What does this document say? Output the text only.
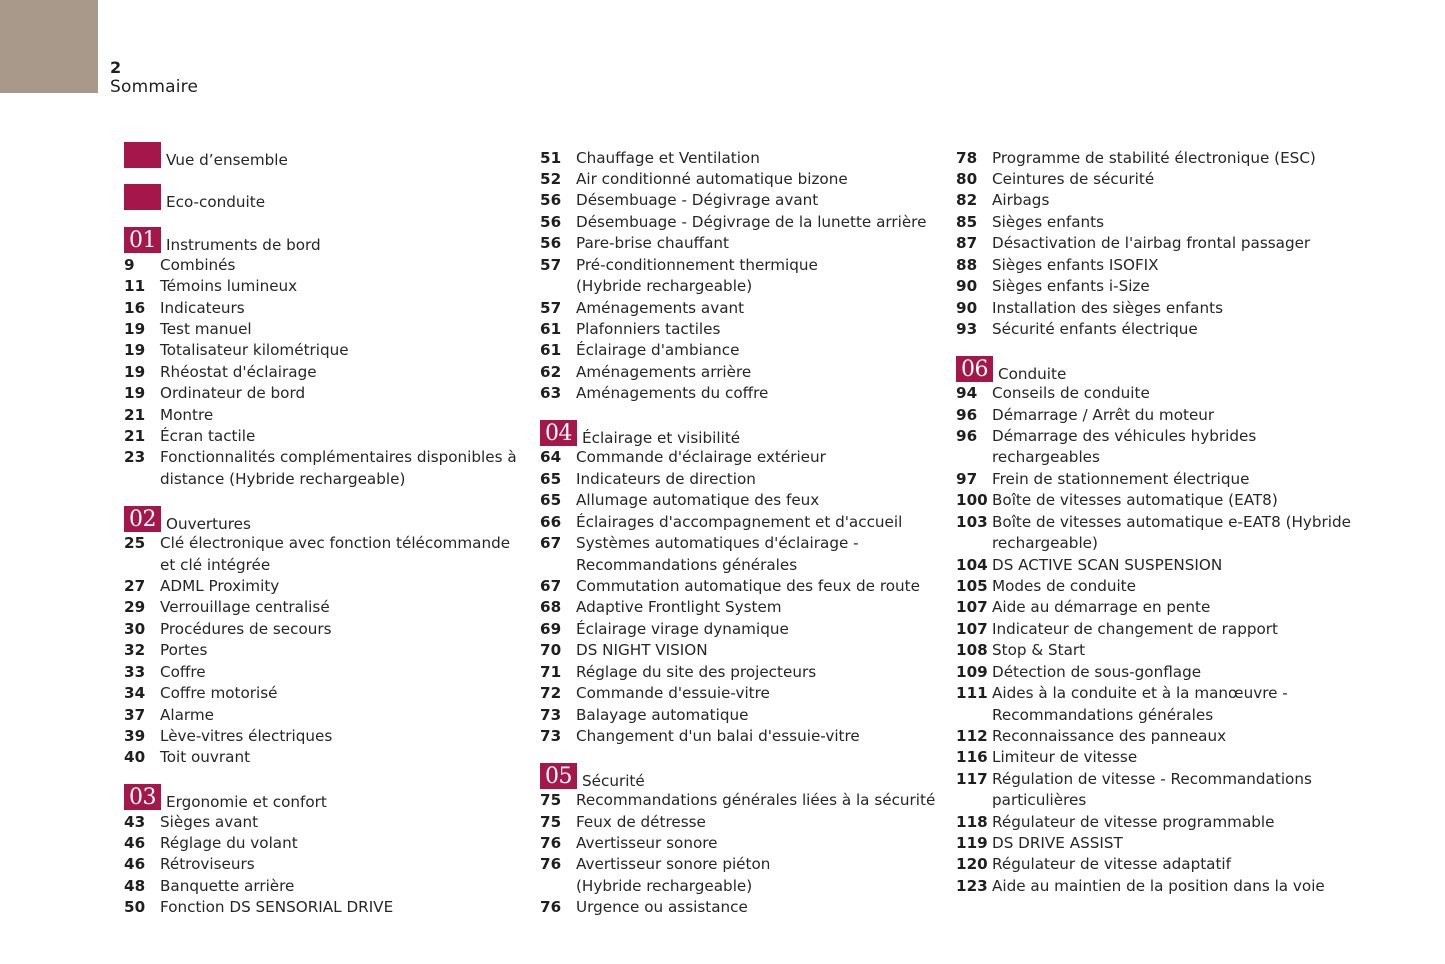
2
Sommaire
Vue d’ensemble
Eco-conduite
01 Instruments de bord
9 Combinés
11 Témoins lumineux
16 Indicateurs
19 Test manuel
19 Totalisateur kilométrique
19 Rhéostat d'éclairage
19 Ordinateur de bord
21 Montre
21 Écran tactile
23 Fonctionnalités complémentaires disponibles à
distance (Hybride rechargeable)
02 Ouvertures
25 Clé électronique avec fonction télécommande
et clé intégrée
27 ADML Proximity
29 Verrouillage centralisé
30 Procédures de secours
32 Portes
33 Coffre
34 Coffre motorisé
37 Alarme
39 Lève-vitres électriques
40 Toit ouvrant
03 Ergonomie et confort
43 Sièges avant
46 Réglage du volant
46 Rétroviseurs
48 Banquette arrière
50 Fonction DS SENSORIAL DRIVE
51 Chauffage et Ventilation
52 Air conditionné automatique bizone
56 Désembuage - Dégivrage avant
56 Désembuage - Dégivrage de la lunette arrière
56 Pare-brise chauffant
57 Pré-conditionnement thermique
(Hybride rechargeable)
57 Aménagements avant
61 Plafonniers tactiles
61 Éclairage d'ambiance
62 Aménagements arrière
63 Aménagements du coffre
04 Éclairage et visibilité
64 Commande d'éclairage extérieur
65 Indicateurs de direction
65 Allumage automatique des feux
66 Éclairages d'accompagnement et d'accueil
67 Systèmes automatiques d'éclairage -
Recommandations générales
67 Commutation automatique des feux de route
68 Adaptive Frontlight System
69 Éclairage virage dynamique
70 DS NIGHT VISION
71 Réglage du site des projecteurs
72 Commande d'essuie-vitre
73 Balayage automatique
73 Changement d'un balai d'essuie-vitre
05 Sécurité
75 Recommandations générales liées à la sécurité
75 Feux de détresse
76 Avertisseur sonore
76 Avertisseur sonore piéton
(Hybride rechargeable)
76 Urgence ou assistance
78 Programme de stabilité électronique (ESC)
80 Ceintures de sécurité
82 Airbags
85 Sièges enfants
87 Désactivation de l'airbag frontal passager
88 Sièges enfants ISOFIX
90 Sièges enfants i-Size
90 Installation des sièges enfants
93 Sécurité enfants électrique
06 Conduite
94 Conseils de conduite
96 Démarrage / Arrêt du moteur
96 Démarrage des véhicules hybrides
rechargeables
97 Frein de stationnement électrique
100 Boîte de vitesses automatique (EAT8)
103 Boîte de vitesses automatique e-EAT8 (Hybride
rechargeable)
104 DS ACTIVE SCAN SUSPENSION
105 Modes de conduite
107 Aide au démarrage en pente
107 Indicateur de changement de rapport
108 Stop & Start
109 Détection de sous-gonflage
111 Aides à la conduite et à la manœuvre -
Recommandations générales
112 Reconnaissance des panneaux
116 Limiteur de vitesse
117 Régulation de vitesse - Recommandations
particulières
118 Régulateur de vitesse programmable
119 DS DRIVE ASSIST
120 Régulateur de vitesse adaptatif
123 Aide au maintien de la position dans la voie
